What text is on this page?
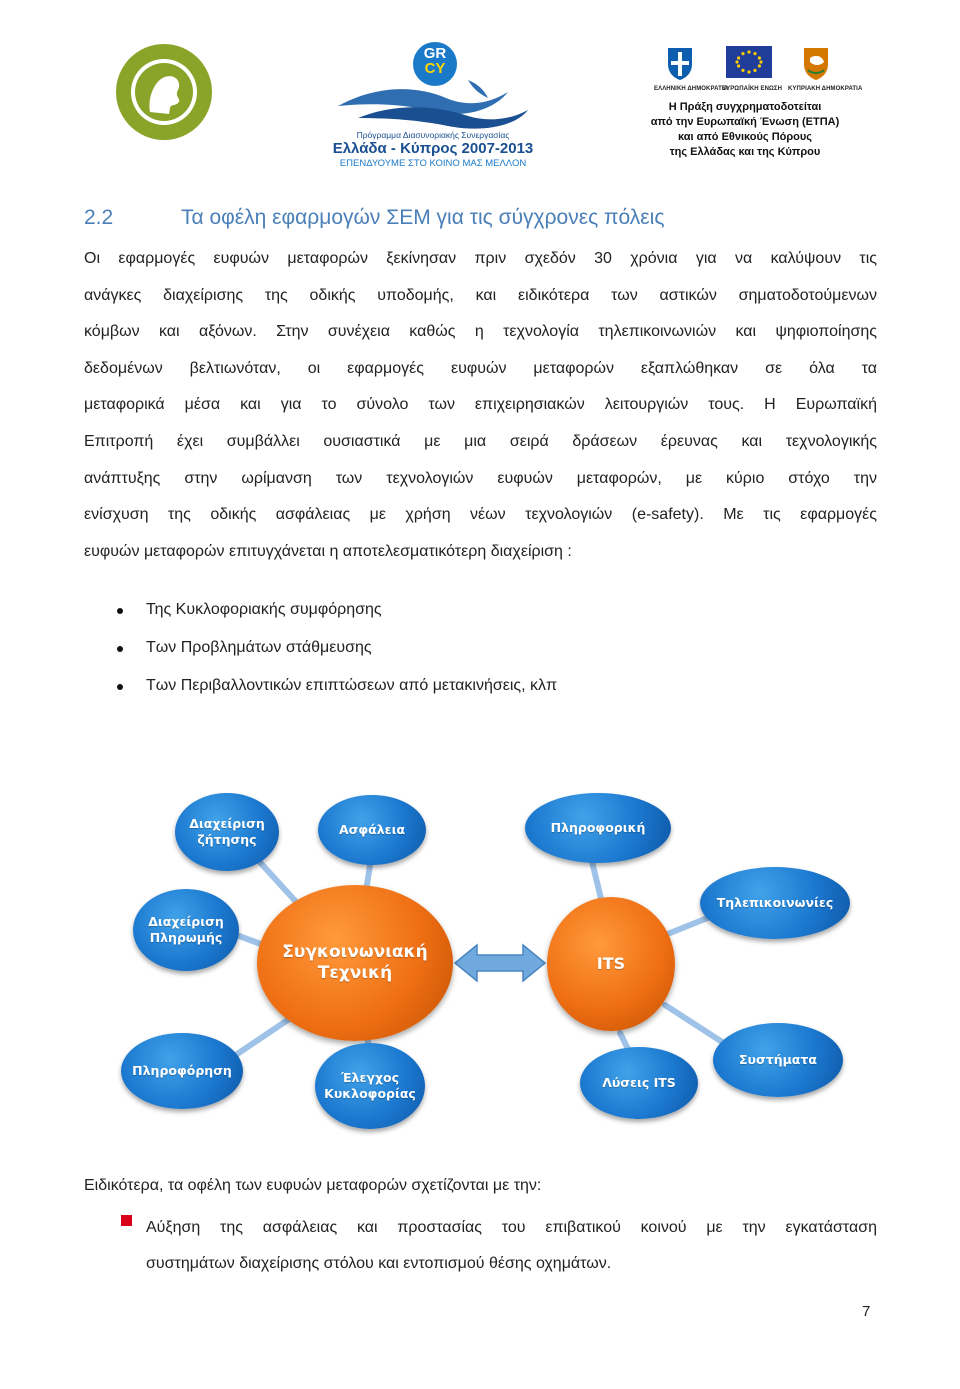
GR
CY
Πρόγραμμα Διασυνοριακής Συνεργασίας
Ελλάδα - Κύπρος 2007-2013
ΕΠΕΝΔΥΟΥΜΕ ΣΤΟ ΚΟΙΝΟ ΜΑΣ ΜΕΛΛΟΝ
ΕΛΛΗΝΙΚΗ ΔΗΜΟΚΡΑΤΙΑ
ΕΥΡΩΠΑΪΚΗ ΕΝΩΣΗ ΚΥΠΡΙΑΚΗ ΔΗΜΟΚΡΑΤΙΑ
Η Πράξη συγχρηματοδοτείται
από την Ευρωπαϊκή Ένωση (ΕΤΠΑ)
και από Εθνικούς Πόρους
της Ελλάδας και της Κύπρου
2.2	Τα οφέλη εφαρμογών ΣΕΜ για τις σύγχρονες πόλεις
Οι εφαρμογές ευφυών μεταφορών ξεκίνησαν πριν σχεδόν 30 χρόνια για να καλύψουν τις
ανάγκες διαχείρισης της οδικής υποδομής, και ειδικότερα των αστικών σηματοδοτούμενων
κόμβων και αξόνων. Στην συνέχεια καθώς η τεχνολογία τηλεπικοινωνιών και ψηφιοποίησης
δεδομένων βελτιωνόταν, οι εφαρμογές ευφυών μεταφορών εξαπλώθηκαν σε όλα τα
μεταφορικά μέσα και για το σύνολο των επιχειρησιακών λειτουργιών τους. Η Ευρωπαϊκή
Επιτροπή έχει συμβάλλει ουσιαστικά με μια σειρά δράσεων έρευνας και τεχνολογικής
ανάπτυξης στην ωρίμανση των τεχνολογιών ευφυών μεταφορών, με κύριο στόχο την
ενίσχυση της οδικής ασφάλειας με χρήση νέων τεχνολογιών (e-safety). Με τις εφαρμογές
ευφυών μεταφορών επιτυγχάνεται η αποτελεσματικότερη διαχείριση :
Της Κυκλοφοριακής συμφόρησης
Των Προβλημάτων στάθμευσης
Των Περιβαλλοντικών επιπτώσεων από μετακινήσεις, κλπ
Συγκοινωνιακή
Τεχνική	ITS
Διαχείριση
ζήτησης
Ασφάλεια
Διαχείριση
Πληρωμής
Πληροφόρηση	Έλεγχος
Κυκλοφορίας
Πληροφορική
Τηλεπικοινωνίες
Συστήματα
Λύσεις ITS
Ειδικότερα, τα οφέλη των ευφυών μεταφορών σχετίζονται με την:
Αύξηση της ασφάλειας και προστασίας του επιβατικού κοινού με την εγκατάσταση
συστημάτων διαχείρισης στόλου και εντοπισμού θέσης οχημάτων.
7
